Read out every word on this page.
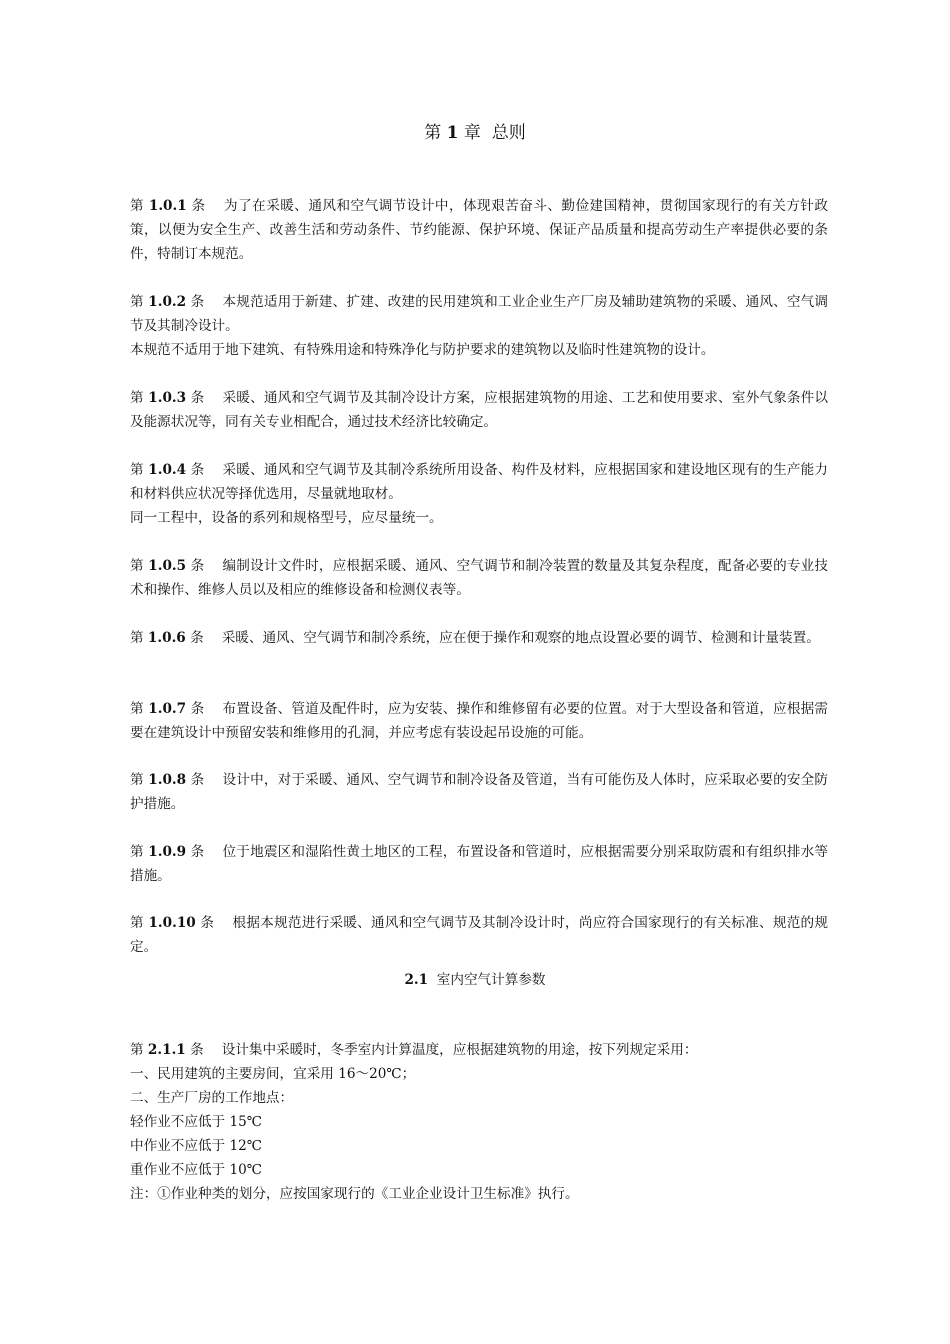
第 1 章 总则

第 1.0.1 条 为了在采暖、通风和空气调节设计中，体现艰苦奋斗、勤俭建国精神，贯彻国家现行的有关方针政策，以便为安全生产、改善生活和劳动条件、节约能源、保护环境、保证产品质量和提高劳动生产率提供必要的条件，特制订本规范。

第 1.0.2 条 本规范适用于新建、扩建、改建的民用建筑和工业企业生产厂房及辅助建筑物的采暖、通风、空气调节及其制冷设计。

本规范不适用于地下建筑、有特殊用途和特殊净化与防护要求的建筑物以及临时性建筑物的设计。

第 1.0.3 条 采暖、通风和空气调节及其制冷设计方案，应根据建筑物的用途、工艺和使用要求、室外气象条件以及能源状况等，同有关专业相配合，通过技术经济比较确定。

第 1.0.4 条 采暖、通风和空气调节及其制冷系统所用设备、构件及材料，应根据国家和建设地区现有的生产能力和材料供应状况等择优选用，尽量就地取材。

同一工程中，设备的系列和规格型号，应尽量统一。

第 1.0.5 条 编制设计文件时，应根据采暖、通风、空气调节和制冷装置的数量及其复杂程度，配备必要的专业技术和操作、维修人员以及相应的维修设备和检测仪表等。

第 1.0.6 条 采暖、通风、空气调节和制冷系统，应在便于操作和观察的地点设置必要的调节、检测和计量装置。

第 1.0.7 条 布置设备、管道及配件时，应为安装、操作和维修留有必要的位置。对于大型设备和管道，应根据需要在建筑设计中预留安装和维修用的孔洞，并应考虑有装设起吊设施的可能。

第 1.0.8 条 设计中，对于采暖、通风、空气调节和制冷设备及管道，当有可能伤及人体时，应采取必要的安全防护措施。

第 1.0.9 条 位于地震区和湿陷性黄土地区的工程，布置设备和管道时，应根据需要分别采取防震和有组织排水等措施。

第 1.0.10 条 根据本规范进行采暖、通风和空气调节及其制冷设计时，尚应符合国家现行的有关标准、规范的规定。

2.1 室内空气计算参数

第 2.1.1 条 设计集中采暖时，冬季室内计算温度，应根据建筑物的用途，按下列规定采用：

一、民用建筑的主要房间，宜采用 16～20℃；

二、生产厂房的工作地点：

轻作业不应低于 15℃

中作业不应低于 12℃

重作业不应低于 10℃

注：①作业种类的划分，应按国家现行的《工业企业设计卫生标准》执行。
